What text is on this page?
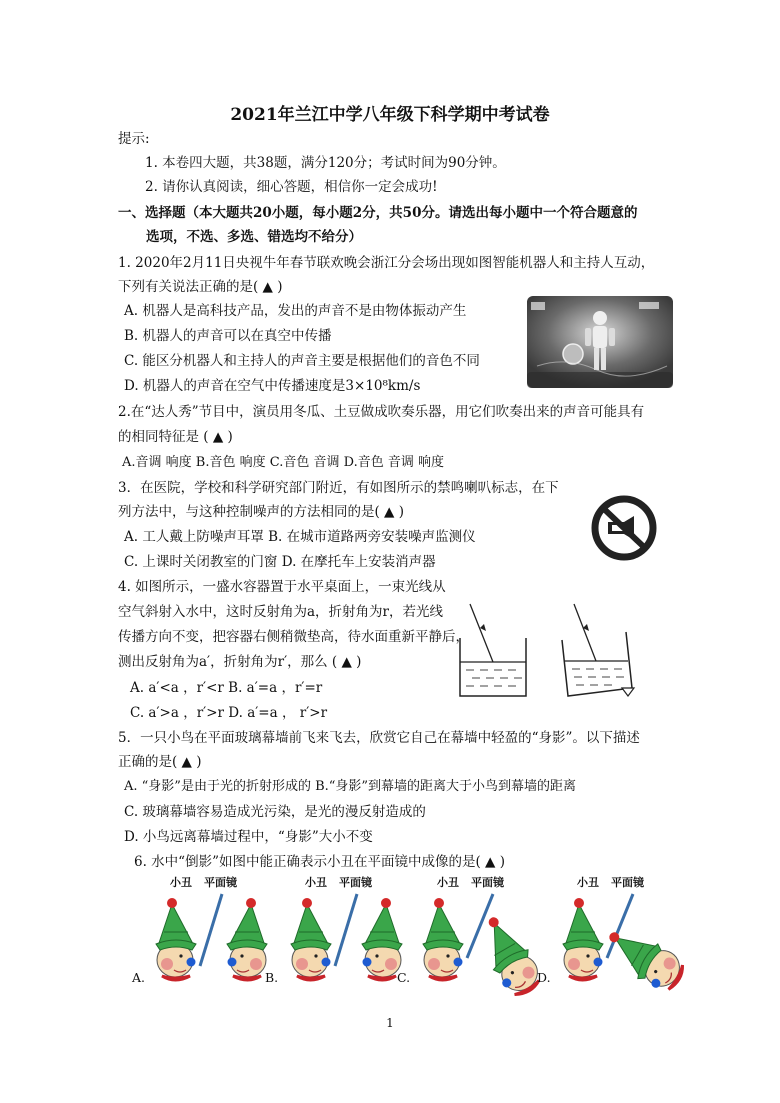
2021年兰江中学八年级下科学期中考试卷
提示:
1. 本卷四大题，共38题，满分120分；考试时间为90分钟。
2. 请你认真阅读，细心答题，相信你一定会成功!
一、选择题（本大题共20小题，每小题2分，共50分。请选出每小题中一个符合题意的
选项，不选、多选、错选均不给分）
1. 2020年2月11日央视牛年春节联欢晚会浙江分会场出现如图智能机器人和主持人互动，
下列有关说法正确的是( ▲ )
A. 机器人是高科技产品，发出的声音不是由物体振动产生
B. 机器人的声音可以在真空中传播
C. 能区分机器人和主持人的声音主要是根据他们的音色不同
D. 机器人的声音在空气中传播速度是3×10⁸km/s
2.在“达人秀”节目中，演员用冬瓜、土豆做成吹奏乐器，用它们吹奏出来的声音可能具有
的相同特征是 ( ▲ )
A.音调 响度 B.音色 响度 C.音色 音调 D.音色 音调 响度
3．在医院，学校和科学研究部门附近，有如图所示的禁鸣喇叭标志，在下
列方法中，与这种控制噪声的方法相同的是( ▲ )
A. 工人戴上防噪声耳罩 B. 在城市道路两旁安装噪声监测仪
C. 上课时关闭教室的门窗 D. 在摩托车上安装消声器
4. 如图所示，一盛水容器置于水平桌面上，一束光线从
空气斜射入水中，这时反射角为a，折射角为r，若光线
传播方向不变，把容器右侧稍微垫高，待水面重新平静后，
测出反射角为a′，折射角为r′，那么 ( ▲ )
A. a′<a ，r′<r B. a′=a ，r′=r
C. a′>a ，r′>r D. a′=a ， r′>r
5．一只小鸟在平面玻璃幕墙前飞来飞去，欣赏它自己在幕墙中轻盈的“身影”。以下描述
正确的是( ▲ )
A. “身影”是由于光的折射形成的 B.“身影”到幕墙的距离大于小鸟到幕墙的距离
C. 玻璃幕墙容易造成光污染，是光的漫反射造成的
D. 小鸟远离幕墙过程中，“身影”大小不变
6. 水中“倒影”如图中能正确表示小丑在平面镜中成像的是( ▲ )
小丑 平面镜
A.
小丑 平面镜
B.
小丑 平面镜
C.
小丑 平面镜
D.
1
